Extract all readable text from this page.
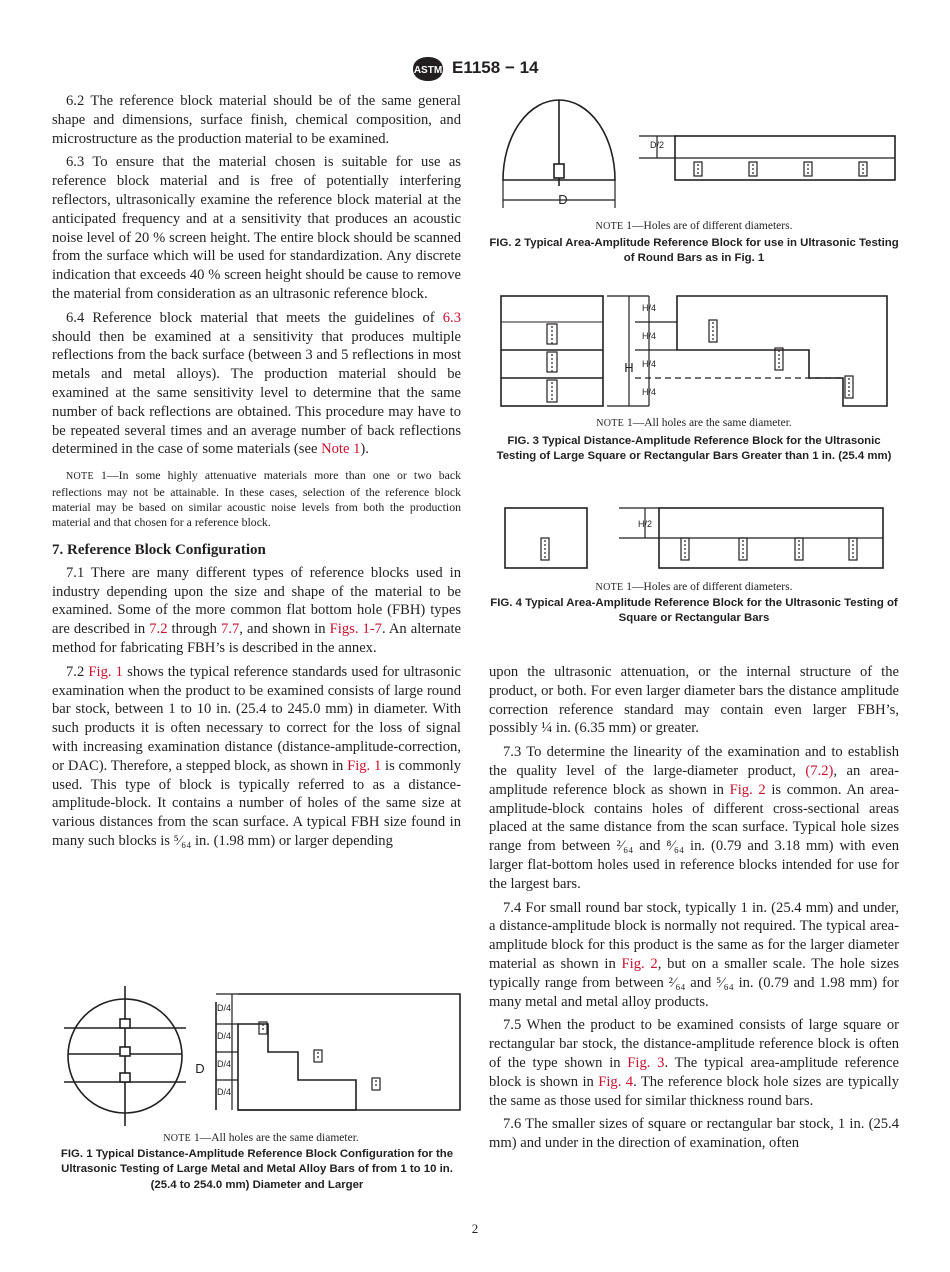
ASTM E1158 − 14

6.2 The reference block material should be of the same general shape and dimensions, surface finish, chemical composition, and microstructure as the production material to be examined.

6.3 To ensure that the material chosen is suitable for use as reference block material and is free of potentially interfering reflectors, ultrasonically examine the reference block material at the anticipated frequency and at a sensitivity that produces an acoustic noise level of 20 % screen height. The entire block should be scanned from the surface which will be used for standardization. Any discrete indication that exceeds 40 % screen height should be cause to remove the material from consideration as an ultrasonic reference block.

6.4 Reference block material that meets the guidelines of 6.3 should then be examined at a sensitivity that produces multiple reflections from the back surface (between 3 and 5 reflections in most metals and metal alloys). The production material should be examined at the same sensitivity level to determine that the same number of back reflections are obtained. This procedure may have to be repeated several times and an average number of back reflections determined in the case of some materials (see Note 1).

NOTE 1—In some highly attenuative materials more than one or two back reflections may not be attainable. In these cases, selection of the reference block material may be based on similar acoustic noise levels from both the production material and that chosen for a reference block.

7. Reference Block Configuration

7.1 There are many different types of reference blocks used in industry depending upon the size and shape of the material to be examined. Some of the more common flat bottom hole (FBH) types are described in 7.2 through 7.7, and shown in Figs. 1-7. An alternate method for fabricating FBH’s is described in the annex.

7.2 Fig. 1 shows the typical reference standards used for ultrasonic examination when the product to be examined consists of large round bar stock, between 1 to 10 in. (25.4 to 245.0 mm) in diameter. With such products it is often necessary to correct for the loss of signal with increasing examination distance (distance-amplitude-correction, or DAC). Therefore, a stepped block, as shown in Fig. 1 is commonly used. This type of block is typically referred to as a distance-amplitude-block. It contains a number of holes of the same size at various distances from the scan surface. A typical FBH size found in many such blocks is ⁵⁄₆₄ in. (1.98 mm) or larger depending

D/4
D/4
D/4
D/4
D
NOTE 1—All holes are the same diameter.
FIG. 1 Typical Distance-Amplitude Reference Block Configuration for the Ultrasonic Testing of Large Metal and Metal Alloy Bars of from 1 to 10 in. (25.4 to 254.0 mm) Diameter and Larger
D/2
D
NOTE 1—Holes are of different diameters.
FIG. 2 Typical Area-Amplitude Reference Block for use in Ultrasonic Testing of Round Bars as in Fig. 1
H/4
H/4
H/4
H/4
H
NOTE 1—All holes are the same diameter.
FIG. 3 Typical Distance-Amplitude Reference Block for the Ultrasonic Testing of Large Square or Rectangular Bars Greater than 1 in. (25.4 mm)
H/2
NOTE 1—Holes are of different diameters.
FIG. 4 Typical Area-Amplitude Reference Block for the Ultrasonic Testing of Square or Rectangular Bars

upon the ultrasonic attenuation, or the internal structure of the product, or both. For even larger diameter bars the distance amplitude correction reference standard may contain even larger FBH’s, possibly ¼ in. (6.35 mm) or greater.

7.3 To determine the linearity of the examination and to establish the quality level of the large-diameter product, (7.2), an area-amplitude reference block as shown in Fig. 2 is common. An area-amplitude-block contains holes of different cross-sectional areas placed at the same distance from the scan surface. Typical hole sizes range from between ²⁄₆₄ and ⁸⁄₆₄ in. (0.79 and 3.18 mm) with even larger flat-bottom holes used in reference blocks intended for use for the largest bars.

7.4 For small round bar stock, typically 1 in. (25.4 mm) and under, a distance-amplitude block is normally not required. The typical area-amplitude block for this product is the same as for the larger diameter material as shown in Fig. 2, but on a smaller scale. The hole sizes typically range from between ²⁄₆₄ and ⁵⁄₆₄ in. (0.79 and 1.98 mm) for many metal and metal alloy products.

7.5 When the product to be examined consists of large square or rectangular bar stock, the distance-amplitude reference block is often of the type shown in Fig. 3. The typical area-amplitude reference block is shown in Fig. 4. The reference block hole sizes are typically the same as those used for similar thickness round bars.

7.6 The smaller sizes of square or rectangular bar stock, 1 in. (25.4 mm) and under in the direction of examination, often

2
